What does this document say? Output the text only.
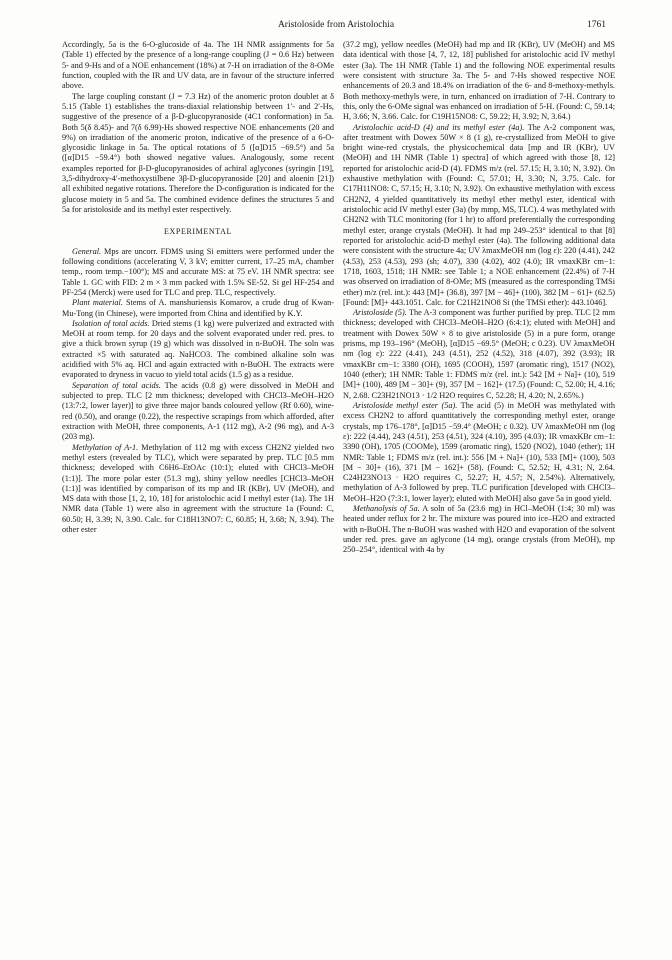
Aristoloside from Aristolochia	1761

Accordingly, 5a is the 6-O-glucoside of 4a. The 1H NMR assignments for 5a (Table 1) effected by the presence of a long-range coupling (J = 0.6 Hz) between 5- and 9-Hs and of a NOE enhancement (18%) at 7-H on irradiation of the 8-OMe function, coupled with the IR and UV data, are in favour of the structure inferred above.

The large coupling constant (J = 7.3 Hz) of the anomeric proton doublet at δ 5.15 (Table 1) establishes the trans-diaxial relationship between 1′- and 2′-Hs, suggestive of the presence of a β-D-glucopyranoside (4C1 conformation) in 5a. Both 5(δ 8.45)- and 7(δ 6.99)-Hs showed respective NOE enhancements (20 and 9%) on irradiation of the anomeric proton, indicative of the presence of a 6-O-glycosidic linkage in 5a. The optical rotations of 5 ([α]D15 −69.5°) and 5a ([α]D15 −59.4°) both showed negative values. Analogously, some recent examples reported for β-D-glucopyranosides of achiral aglycones (syringin [19], 3,5-dihydroxy-4′-methoxystilbene 3β-D-glucopyranoside [20] and aloenin [21]) all exhibited negative rotations. Therefore the D-configuration is indicated for the glucose moiety in 5 and 5a. The combined evidence defines the structures 5 and 5a for aristoloside and its methyl ester respectively.

EXPERIMENTAL

General. Mps are uncorr. FDMS using Si emitters were performed under the following conditions (accelerating V, 3 kV; emitter current, 17–25 mA, chamber temp., room temp.−100°); MS and accurate MS: at 75 eV. 1H NMR spectra: see Table 1. GC with FID: 2 m × 3 mm packed with 1.5% SE-52. Si gel HF-254 and PF-254 (Merck) were used for TLC and prep. TLC, respectively.

Plant material. Stems of A. manshuriensis Komarov, a crude drug of Kwan-Mu-Tong (in Chinese), were imported from China and identified by K.Y.

Isolation of total acids. Dried stems (1 kg) were pulverized and extracted with MeOH at room temp. for 20 days and the solvent evaporated under red. pres. to give a thick brown syrup (19 g) which was dissolved in n-BuOH. The soln was extracted ×5 with saturated aq. NaHCO3. The combined alkaline soln was acidified with 5% aq. HCl and again extracted with n-BuOH. The extracts were evaporated to dryness in vacuo to yield total acids (1.5 g) as a residue.

Separation of total acids. The acids (0.8 g) were dissolved in MeOH and subjected to prep. TLC [2 mm thickness; developed with CHCl3–MeOH–H2O (13:7:2, lower layer)] to give three major bands coloured yellow (Rf 0.60), wine-red (0.50), and orange (0.22), the respective scrapings from which afforded, after extraction with MeOH, three components, A-1 (112 mg), A-2 (96 mg), and A-3 (203 mg).

Methylation of A-1. Methylation of 112 mg with excess CH2N2 yielded two methyl esters (revealed by TLC), which were separated by prep. TLC [0.5 mm thickness; developed with C6H6–EtOAc (10:1); eluted with CHCl3–MeOH (1:1)]. The more polar ester (51.3 mg), shiny yellow needles [CHCl3–MeOH (1:1)] was identified by comparison of its mp and IR (KBr), UV (MeOH), and MS data with those [1, 2, 10, 18] for aristolochic acid I methyl ester (1a). The 1H NMR data (Table 1) were also in agreement with the structure 1a (Found: C, 60.50; H, 3.39; N, 3.90. Calc. for C18H13NO7: C, 60.85; H, 3.68; N, 3.94). The other ester

(37.2 mg), yellow needles (MeOH) had mp and IR (KBr), UV (MeOH) and MS data identical with those [4, 7, 12, 18] published for aristolochic acid IV methyl ester (3a). The 1H NMR (Table 1) and the following NOE experimental results were consistent with structure 3a. The 5- and 7-Hs showed respective NOE enhancements of 20.3 and 18.4% on irradiation of the 6- and 8-methoxy-methyls. Both methoxy-methyls were, in turn, enhanced on irradiation of 7-H. Contrary to this, only the 6-OMe signal was enhanced on irradiation of 5-H. (Found: C, 59.14; H, 3.66; N, 3.66. Calc. for C19H15NO8: C, 59.22; H, 3.92; N, 3.64.)

Aristolochic acid-D (4) and its methyl ester (4a). The A-2 component was, after treatment with Dowex 50W × 8 (1 g), re-crystallized from MeOH to give bright wine-red crystals, the physicochemical data [mp and IR (KBr), UV (MeOH) and 1H NMR (Table 1) spectra] of which agreed with those [8, 12] reported for aristolochic acid-D (4). FDMS m/z (rel. 57.15; H, 3.10; N, 3.92). On exhaustive methylation with (Found: C, 57.01; H, 3.30; N, 3.75. Calc. for C17H11NO8: C, 57.15; H, 3.10; N, 3.92). On exhaustive methylation with excess CH2N2, 4 yielded quantitatively its methyl ether methyl ester, identical with aristolochic acid IV methyl ester (3a) (by mmp, MS, TLC). 4 was methylated with CH2N2 with TLC monitoring (for 1 hr) to afford preferentially the corresponding methyl ester, orange crystals (MeOH). It had mp 249–253° identical to that [8] reported for aristolochic acid-D methyl ester (4a). The following additional data were consistent with the structure 4a; UV λmaxMeOH nm (log ε): 220 (4.41), 242 (4.53), 253 (4.53), 293 (sh; 4.07), 330 (4.02), 402 (4.0); IR νmaxKBr cm−1: 1718, 1603, 1518; 1H NMR: see Table 1; a NOE enhancement (22.4%) of 7-H was observed on irradiation of 8-OMe; MS (measured as the corresponding TMSi ether) m/z (rel. int.): 443 [M]+ (36.8), 397 [M − 46]+ (100), 382 [M − 61]+ (62.5) [Found: [M]+ 443.1051. Calc. for C21H21NO8 Si (the TMSi ether): 443.1046].

Aristoloside (5). The A-3 component was further purified by prep. TLC [2 mm thickness; developed with CHCl3–MeOH–H2O (6:4:1); eluted with MeOH] and treatment with Dowex 50W × 8 to give aristoloside (5) in a pure form, orange prisms, mp 193–196° (MeOH), [α]D15 −69.5° (MeOH; c 0.23). UV λmaxMeOH nm (log ε): 222 (4.41), 243 (4.51), 252 (4.52), 318 (4.07), 392 (3.93); IR νmaxKBr cm−1: 3380 (OH), 1695 (COOH), 1597 (aromatic ring), 1517 (NO2), 1040 (ether); 1H NMR: Table 1: FDMS m/z (rel. int.): 542 [M + Na]+ (10), 519 [M]+ (100), 489 [M − 30]+ (9), 357 [M − 162]+ (17.5) (Found: C, 52.00; H, 4.16; N, 2.68. C23H21NO13 · 1/2 H2O requires C, 52.28; H, 4.20; N, 2.65%.)

Aristoloside methyl ester (5a). The acid (5) in MeOH was methylated with excess CH2N2 to afford quantitatively the corresponding methyl ester, orange crystals, mp 176–178°, [α]D15 −59.4° (MeOH; c 0.32). UV λmaxMeOH nm (log ε): 222 (4.44), 243 (4.51), 253 (4.51), 324 (4.10), 395 (4.03); IR νmaxKBr cm−1: 3390 (OH), 1705 (COOMe), 1599 (aromatic ring), 1520 (NO2), 1040 (ether); 1H NMR: Table 1; FDMS m/z (rel. int.): 556 [M + Na]+ (10), 533 [M]+ (100), 503 [M − 30]+ (16), 371 [M − 162]+ (58). (Found: C, 52.52; H, 4.31; N, 2.64. C24H23NO13 · H2O requires C, 52.27; H, 4.57; N, 2.54%). Alternatively, methylation of A-3 followed by prep. TLC purification [developed with CHCl3–MeOH–H2O (7:3:1, lower layer); eluted with MeOH] also gave 5a in good yield.

Methanolysis of 5a. A soln of 5a (23.6 mg) in HCl–MeOH (1:4; 30 ml) was heated under reflux for 2 hr. The mixture was poured into ice–H2O and extracted with n-BuOH. The n-BuOH was washed with H2O and evaporation of the solvent under red. pres. gave an aglycone (14 mg), orange crystals (from MeOH), mp 250–254°, identical with 4a by
